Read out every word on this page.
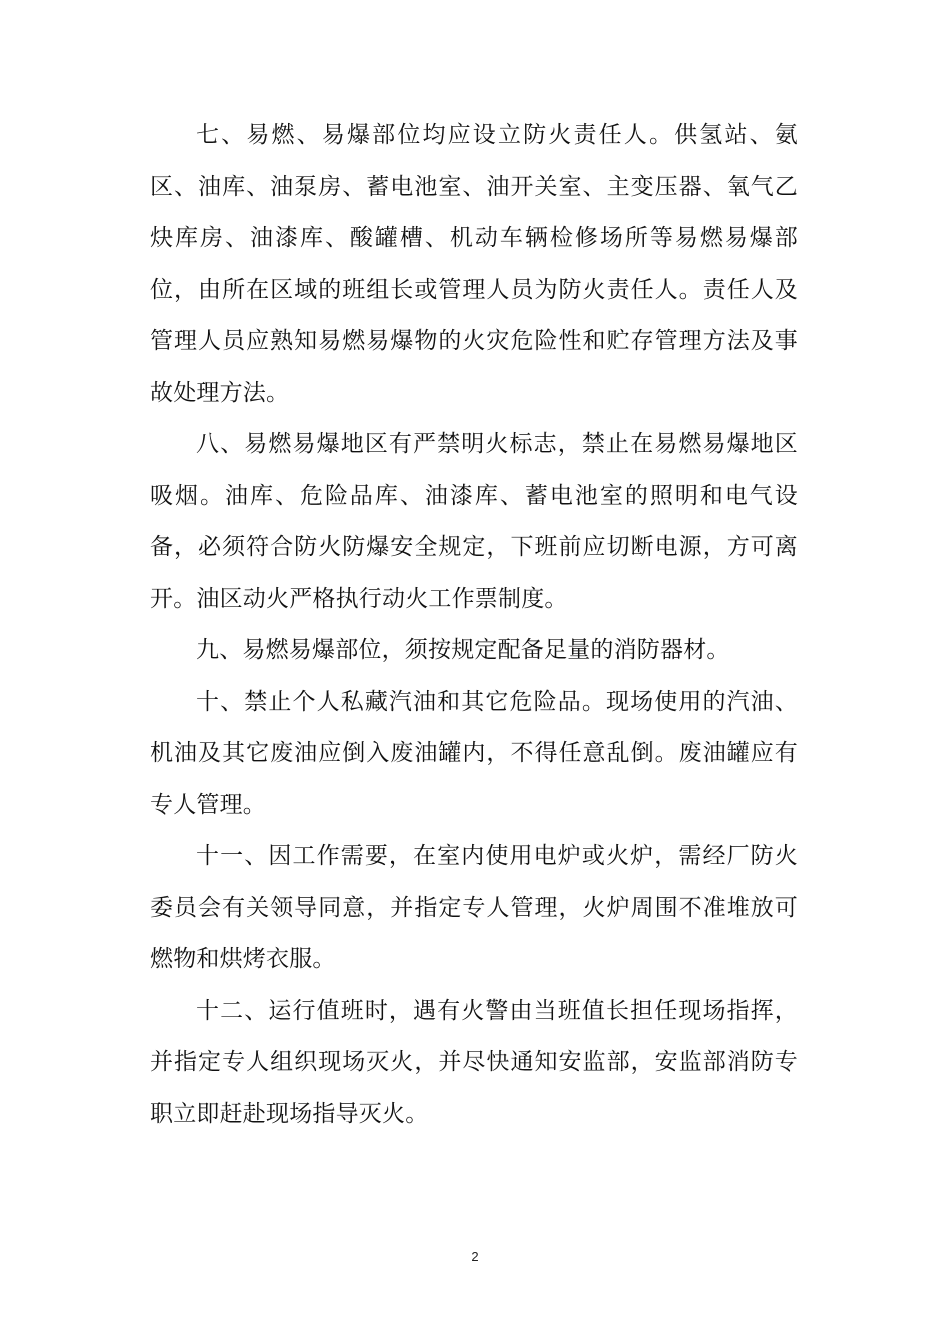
七、易燃、易爆部位均应设立防火责任人。供氢站、氨区、油库、油泵房、蓄电池室、油开关室、主变压器、氧气乙炔库房、油漆库、酸罐槽、机动车辆检修场所等易燃易爆部位，由所在区域的班组长或管理人员为防火责任人。责任人及管理人员应熟知易燃易爆物的火灾危险性和贮存管理方法及事故处理方法。

八、易燃易爆地区有严禁明火标志，禁止在易燃易爆地区吸烟。油库、危险品库、油漆库、蓄电池室的照明和电气设备，必须符合防火防爆安全规定，下班前应切断电源，方可离开。油区动火严格执行动火工作票制度。

九、易燃易爆部位，须按规定配备足量的消防器材。

十、禁止个人私藏汽油和其它危险品。现场使用的汽油、机油及其它废油应倒入废油罐内，不得任意乱倒。废油罐应有专人管理。

十一、因工作需要，在室内使用电炉或火炉，需经厂防火委员会有关领导同意，并指定专人管理，火炉周围不准堆放可燃物和烘烤衣服。

十二、运行值班时，遇有火警由当班值长担任现场指挥，并指定专人组织现场灭火，并尽快通知安监部，安监部消防专职立即赶赴现场指导灭火。

2
